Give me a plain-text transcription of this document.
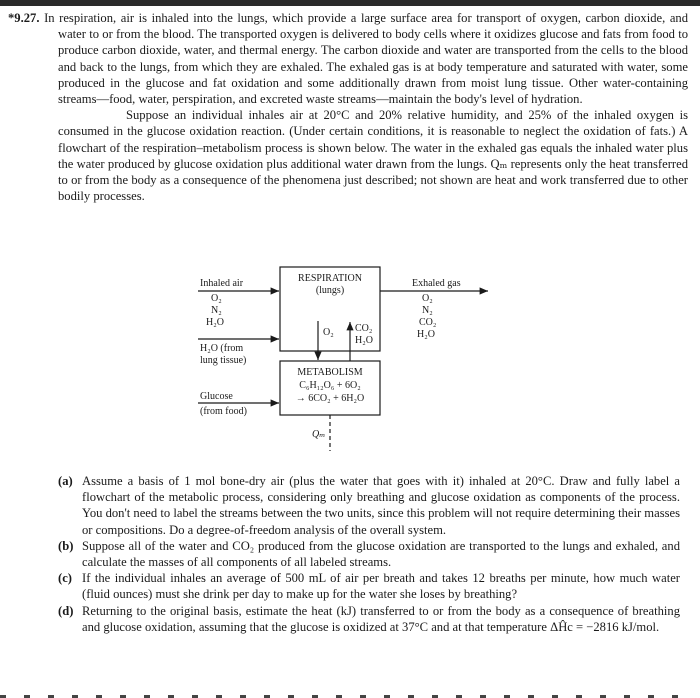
*9.27. In respiration, air is inhaled into the lungs, which provide a large surface area for transport of oxygen, carbon dioxide, and water to or from the blood. The transported oxygen is delivered to body cells where it oxidizes glucose and fats from food to produce carbon dioxide, water, and thermal energy. The carbon dioxide and water are transported from the cells to the blood and back to the lungs, from which they are exhaled. The exhaled gas is at body temperature and saturated with water, some produced in the glucose and fat oxidation and some additionally drawn from moist lung tissue. Other water-containing streams—food, water, perspiration, and excreted waste streams—maintain the body's level of hydration.

Suppose an individual inhales air at 20°C and 20% relative humidity, and 25% of the inhaled oxygen is consumed in the glucose oxidation reaction. (Under certain conditions, it is reasonable to neglect the oxidation of fats.) A flowchart of the respiration–metabolism process is shown below. The water in the exhaled gas equals the inhaled water plus the water produced by glucose oxidation plus additional water drawn from the lungs. Qₘ represents only the heat transferred to or from the body as a consequence of the phenomena just described; not shown are heat and work transferred due to other bodily processes.

Inhaled air
O₂
N₂
H₂O
H₂O (from
lung tissue)
Glucose
(from food)
RESPIRATION
(lungs)
O₂ CO₂
H₂O
METABOLISM
C₆H₁₂O₆ + 6O₂
→ 6CO₂ + 6H₂O
Qₘ
Exhaled gas
O₂
N₂
CO₂
H₂O

(a) Assume a basis of 1 mol bone-dry air (plus the water that goes with it) inhaled at 20°C. Draw and fully label a flowchart of the metabolic process, considering only breathing and glucose oxidation as components of the process. You don't need to label the streams between the two units, since this problem will not require determining their masses or compositions. Do a degree-of-freedom analysis of the overall system.

(b) Suppose all of the water and CO₂ produced from the glucose oxidation are transported to the lungs and exhaled, and calculate the masses of all components of all labeled streams.

(c) If the individual inhales an average of 500 mL of air per breath and takes 12 breaths per minute, how much water (fluid ounces) must she drink per day to make up for the water she loses by breathing?

(d) Returning to the original basis, estimate the heat (kJ) transferred to or from the body as a consequence of breathing and glucose oxidation, assuming that the glucose is oxidized at 37°C and at that temperature ΔĤc = −2816 kJ/mol.
